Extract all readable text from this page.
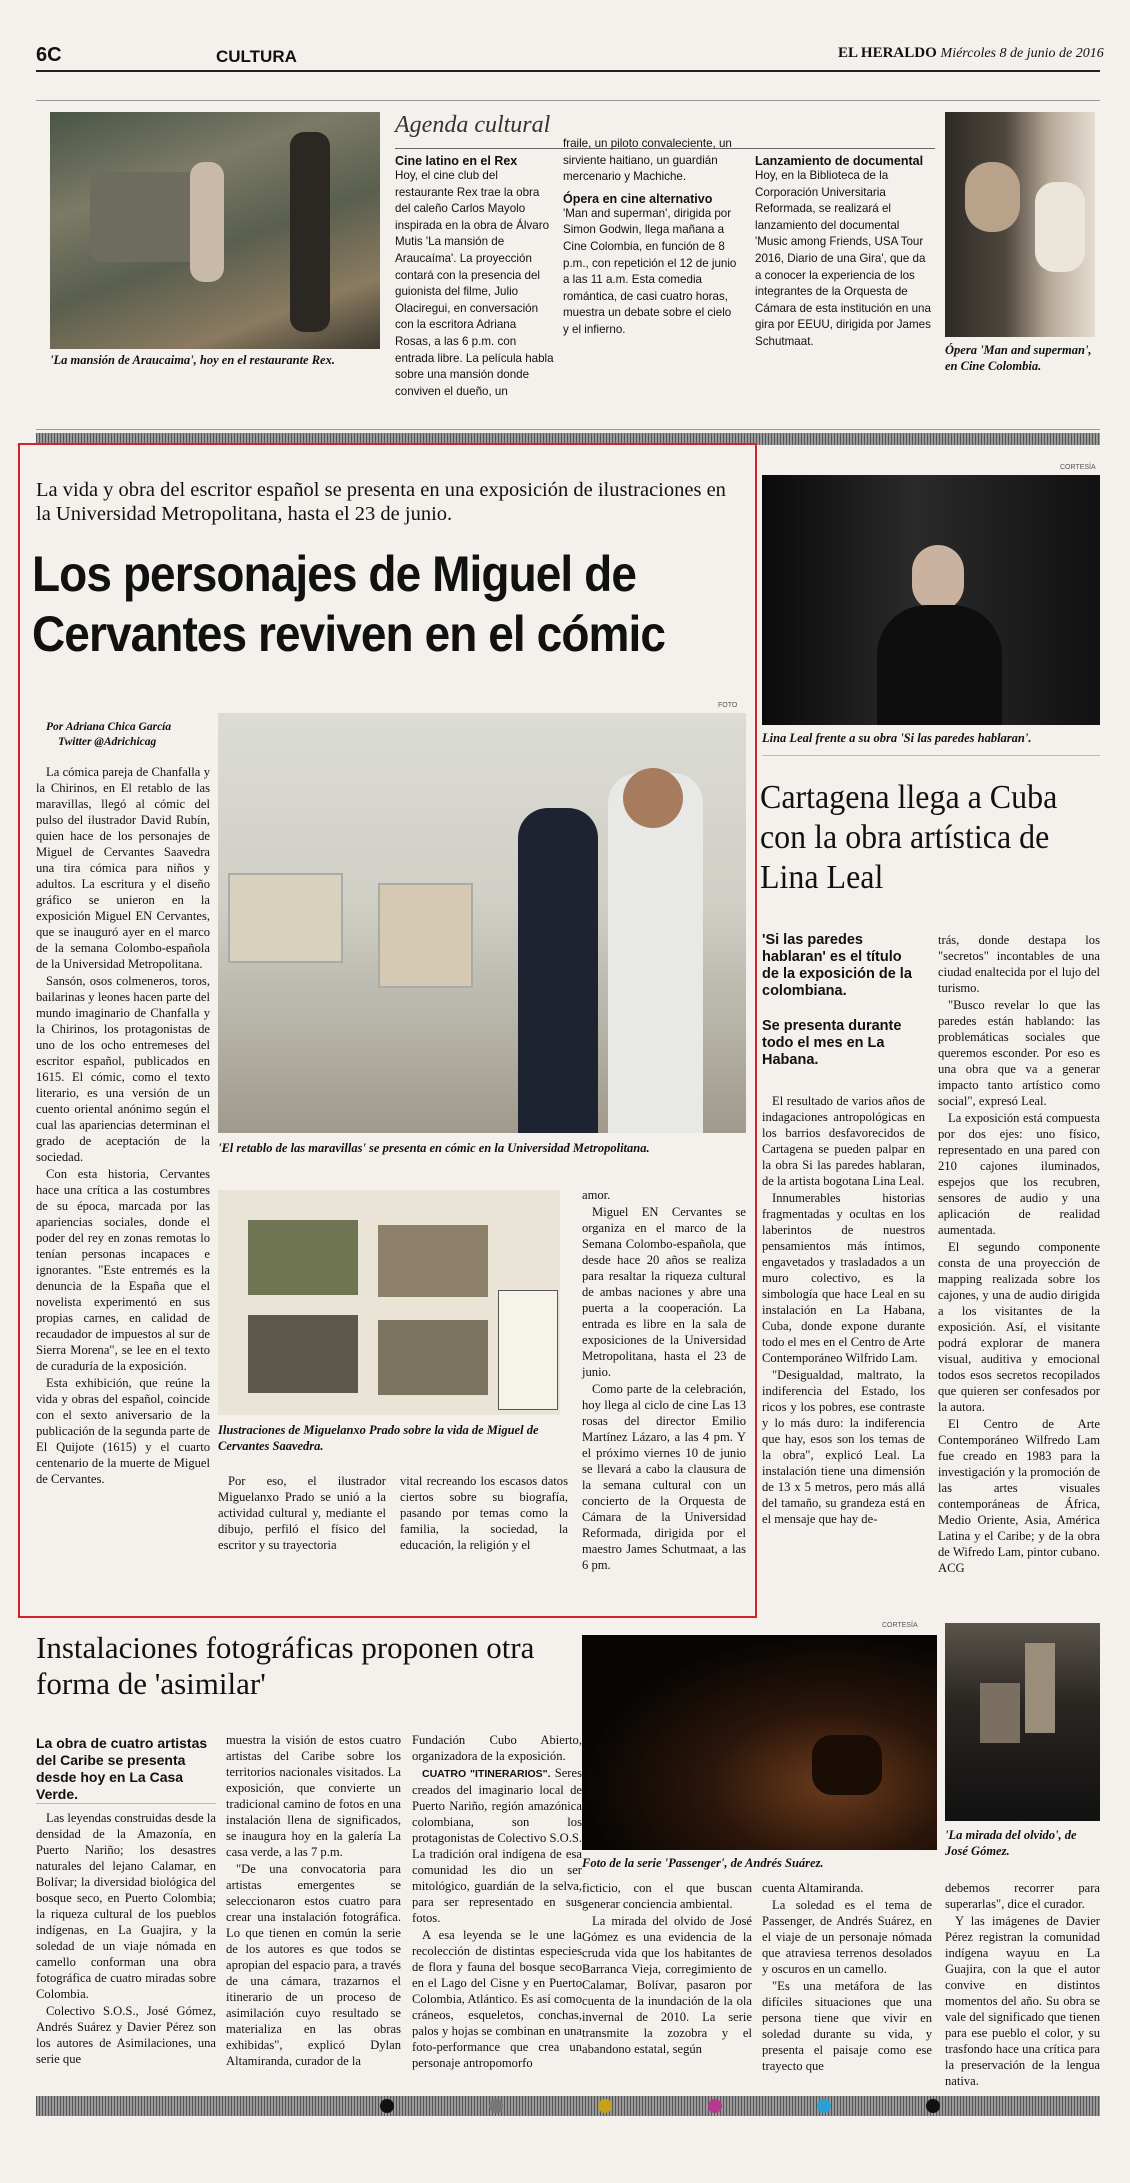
6C	CULTURA	EL HERALDO Miércoles 8 de junio de 2016
'La mansión de Araucaima', hoy en el restaurante Rex.
Agenda cultural
Cine latino en el Rex
Hoy, el cine club del restaurante Rex trae la obra del caleño Carlos Mayolo inspirada en la obra de Álvaro Mutis 'La mansión de Araucaíma'. La proyección contará con la presencia del guionista del filme, Julio Olaciregui, en conversación con la escritora Adriana Rosas, a las 6 p.m. con entrada libre. La película habla sobre una mansión donde conviven el dueño, un
fraile, un piloto convaleciente, un sirviente haitiano, un guardián mercenario y Machiche.
Ópera en cine alternativo
'Man and superman', dirigida por Simon Godwin, llega mañana a Cine Colombia, en función de 8 p.m., con repetición el 12 de junio a las 11 a.m. Esta comedia romántica, de casi cuatro horas, muestra un debate sobre el cielo y el infierno.
Lanzamiento de documental
Hoy, en la Biblioteca de la Corporación Universitaria Reformada, se realizará el lanzamiento del documental 'Music among Friends, USA Tour 2016, Diario de una Gira', que da a conocer la experiencia de los integrantes de la Orquesta de Cámara de esta institución en una gira por EEUU, dirigida por James Schutmaat.
Ópera 'Man and superman', en Cine Colombia.
La vida y obra del escritor español se presenta en una exposición de ilustraciones en la Universidad Metropolitana, hasta el 23 de junio.
Los personajes de Miguel de Cervantes reviven en el cómic
FOTO
Por Adriana Chica García
Twitter @Adrichicag

La cómica pareja de Chanfalla y la Chirinos, en El retablo de las maravillas, llegó al cómic del pulso del ilustrador David Rubín, quien hace de los personajes de Miguel de Cervantes Saavedra una tira cómica para niños y adultos. La escritura y el diseño gráfico se unieron en la exposición Miguel EN Cervantes, que se inauguró ayer en el marco de la semana Colombo-española de la Universidad Metropolitana.

Sansón, osos colmeneros, toros, bailarinas y leones hacen parte del mundo imaginario de Chanfalla y la Chirinos, los protagonistas de uno de los ocho entremeses del escritor español, publicados en 1615. El cómic, como el texto literario, es una versión de un cuento oriental anónimo según el cual las apariencias determinan el grado de aceptación de la sociedad.

Con esta historia, Cervantes hace una crítica a las costumbres de su época, marcada por las apariencias sociales, donde el poder del rey en zonas remotas lo tenían personas incapaces e ignorantes. "Este entremés es la denuncia de la España que el novelista experimentó en sus propias carnes, en calidad de recaudador de impuestos al sur de Sierra Morena", se lee en el texto de curaduría de la exposición.

Esta exhibición, que reúne la vida y obras del español, coincide con el sexto aniversario de la publicación de la segunda parte de El Quijote (1615) y el cuarto centenario de la muerte de Miguel de Cervantes.

'El retablo de las maravillas' se presenta en cómic en la Universidad Metropolitana.
Ilustraciones de Miguelanxo Prado sobre la vida de Miguel de Cervantes Saavedra.

Por eso, el ilustrador Miguelanxo Prado se unió a la actividad cultural y, mediante el dibujo, perfiló el físico del escritor y su trayectoria

vital recreando los escasos datos ciertos sobre su biografía, pasando por temas como la familia, la sociedad, la educación, la religión y el

amor.

Miguel EN Cervantes se organiza en el marco de la Semana Colombo-española, que desde hace 20 años se realiza para resaltar la riqueza cultural de ambas naciones y abre una puerta a la cooperación. La entrada es libre en la sala de exposiciones de la Universidad Metropolitana, hasta el 23 de junio.

Como parte de la celebración, hoy llega al ciclo de cine Las 13 rosas del director Emilio Martínez Lázaro, a las 4 pm. Y el próximo viernes 10 de junio se llevará a cabo la clausura de la semana cultural con un concierto de la Orquesta de Cámara de la Universidad Reformada, dirigida por el maestro James Schutmaat, a las 6 pm.

CORTESÍA
Lina Leal frente a su obra 'Si las paredes hablaran'.
Cartagena llega a Cuba con la obra artística de Lina Leal
'Si las paredes hablaran' es el título de la exposición de la colombiana.
Se presenta durante todo el mes en La Habana.

El resultado de varios años de indagaciones antropológicas en los barrios desfavorecidos de Cartagena se pueden palpar en la obra Si las paredes hablaran, de la artista bogotana Lina Leal.

Innumerables historias fragmentadas y ocultas en los laberintos de nuestros pensamientos más íntimos, engavetados y trasladados a un muro colectivo, es la simbología que hace Leal en su instalación en La Habana, Cuba, donde expone durante todo el mes en el Centro de Arte Contemporáneo Wilfrido Lam.

"Desigualdad, maltrato, la indiferencia del Estado, los ricos y los pobres, ese contraste y lo más duro: la indiferencia que hay, esos son los temas de la obra", explicó Leal. La instalación tiene una dimensión de 13 x 5 metros, pero más allá del tamaño, su grandeza está en el mensaje que hay de-

trás, donde destapa los "secretos" incontables de una ciudad enaltecida por el lujo del turismo.

"Busco revelar lo que las paredes están hablando: las problemáticas sociales que queremos esconder. Por eso es una obra que va a generar impacto tanto artístico como social", expresó Leal.

La exposición está compuesta por dos ejes: uno físico, representado en una pared con 210 cajones iluminados, espejos que los recubren, sensores de audio y una aplicación de realidad aumentada.

El segundo componente consta de una proyección de mapping realizada sobre los cajones, y una de audio dirigida a los visitantes de la exposición. Así, el visitante podrá explorar de manera visual, auditiva y emocional todos esos secretos recopilados que quieren ser confesados por la autora.

El Centro de Arte Contemporáneo Wilfredo Lam fue creado en 1983 para la investigación y la promoción de las artes visuales contemporáneas de África, Medio Oriente, Asia, América Latina y el Caribe; y de la obra de Wifredo Lam, pintor cubano. ACG

Instalaciones fotográficas proponen otra forma de 'asimilar'
CORTESÍA
La obra de cuatro artistas del Caribe se presenta desde hoy en La Casa Verde.

Las leyendas construidas desde la densidad de la Amazonía, en Puerto Nariño; los desastres naturales del lejano Calamar, en Bolívar; la diversidad biológica del bosque seco, en Puerto Colombia; la riqueza cultural de los pueblos indígenas, en La Guajira, y la soledad de un viaje nómada en camello conforman una obra fotográfica de cuatro miradas sobre Colombia.

Colectivo S.O.S., José Gómez, Andrés Suárez y Davier Pérez son los autores de Asimilaciones, una serie que

muestra la visión de estos cuatro artistas del Caribe sobre los territorios nacionales visitados. La exposición, que convierte un tradicional camino de fotos en una instalación llena de significados, se inaugura hoy en la galería La casa verde, a las 7 p.m.

"De una convocatoria para artistas emergentes se seleccionaron estos cuatro para crear una instalación fotográfica. Lo que tienen en común la serie de los autores es que todos se apropian del espacio para, a través de una cámara, trazarnos el itinerario de un proceso de asimilación cuyo resultado se materializa en las obras exhibidas", explicó Dylan Altamiranda, curador de la

Fundación Cubo Abierto, organizadora de la exposición.

CUATRO "ITINERARIOS". Seres creados del imaginario local de Puerto Nariño, región amazónica colombiana, son los protagonistas de Colectivo S.O.S. La tradición oral indígena de esa comunidad les dio un ser mitológico, guardián de la selva, para ser representado en sus fotos.

A esa leyenda se le une la recolección de distintas especies de flora y fauna del bosque seco en el Lago del Cisne y en Puerto Colombia, Atlántico. Es así como cráneos, esqueletos, conchas, palos y hojas se combinan en una foto-performance que crea un personaje antropomorfo

Foto de la serie 'Passenger', de Andrés Suárez.
'La mirada del olvido', de José Gómez.

ficticio, con el que buscan generar conciencia ambiental.

La mirada del olvido de José Gómez es una evidencia de la cruda vida que los habitantes de Barranca Vieja, corregimiento de Calamar, Bolívar, pasaron por cuenta de la inundación de la ola invernal de 2010. La serie transmite la zozobra y el abandono estatal, según

cuenta Altamiranda.

La soledad es el tema de Passenger, de Andrés Suárez, en el viaje de un personaje nómada que atraviesa terrenos desolados y oscuros en un camello.

"Es una metáfora de las difíciles situaciones que una persona tiene que vivir en soledad durante su vida, y presenta el paisaje como ese trayecto que

debemos recorrer para superarlas", dice el curador.

Y las imágenes de Davier Pérez registran la comunidad indígena wayuu en La Guajira, con la que el autor convive en distintos momentos del año. Su obra se vale del significado que tienen para ese pueblo el color, y su trasfondo hace una crítica para la preservación de la lengua nativa.
